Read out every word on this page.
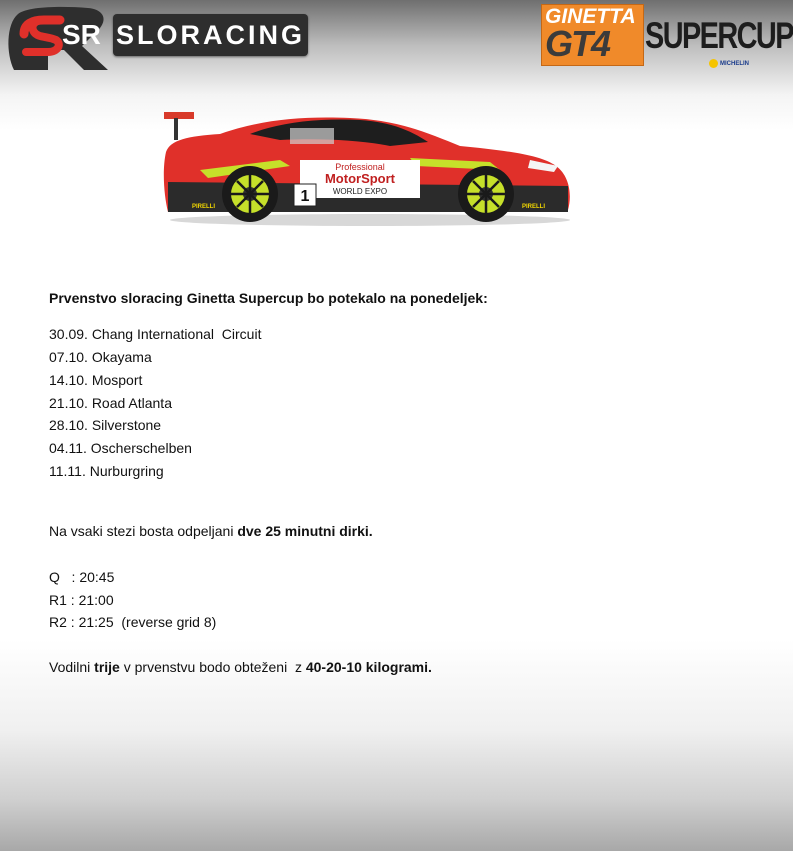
SR SLORACING
GINETTA
GT4 SUPERCUP
MICHELIN
Professional
MotorSport
WORLD EXPO
1
PIRELLI	PIRELLI
Prvenstvo sloracing Ginetta Supercup bo potekalo na ponedeljek:
30.09. Chang International  Circuit
07.10. Okayama
14.10. Mosport
21.10. Road Atlanta
28.10. Silverstone
04.11. Oscherschelben
11.11. Nurburgring
Na vsaki stezi bosta odpeljani dve 25 minutni dirki.
Q   : 20:45
R1 : 21:00
R2 : 21:25  (reverse grid 8)
Vodilni trije v prvenstvu bodo obteženi  z 40-20-10 kilogrami.
